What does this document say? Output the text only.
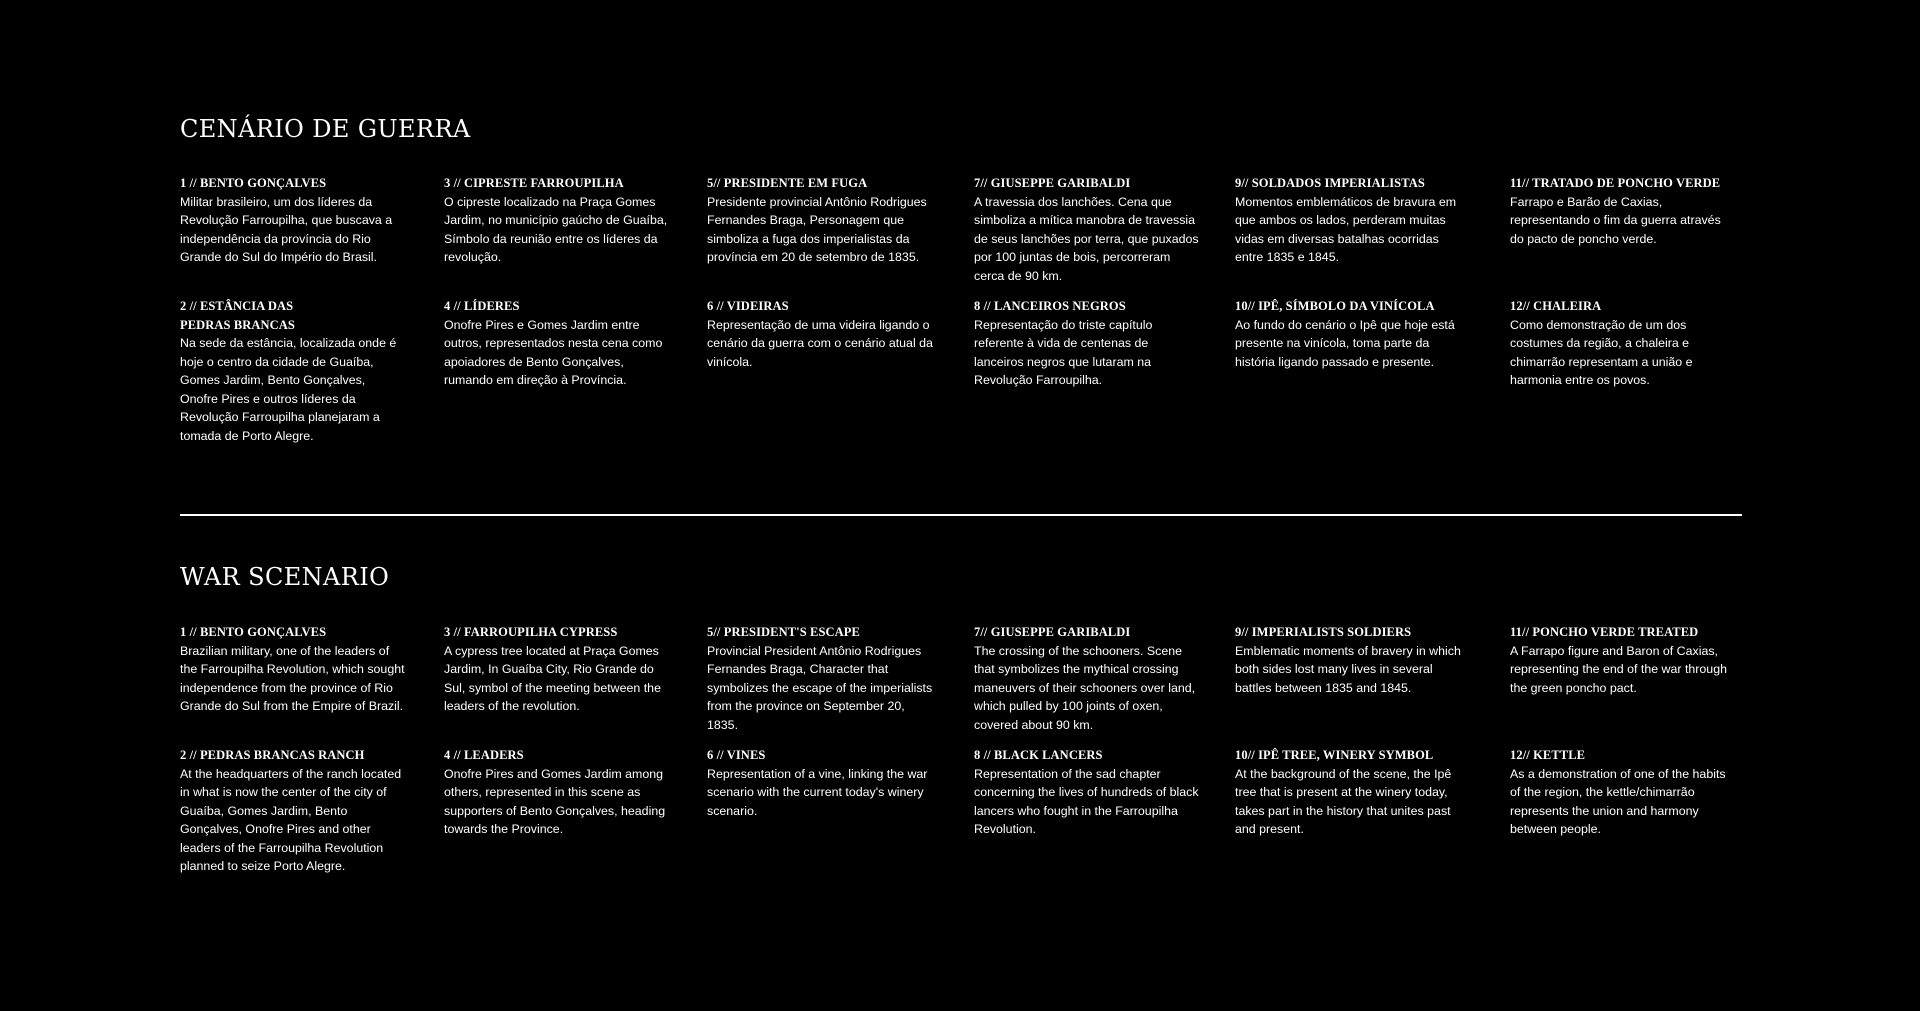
CENÁRIO DE GUERRA
1 // BENTO GONÇALVES
Militar brasileiro, um dos líderes da Revolução Farroupilha, que buscava a independência da província do Rio Grande do Sul do Império do Brasil.
2 // ESTÂNCIA DAS
PEDRAS BRANCAS
Na sede da estância, localizada onde é hoje o centro da cidade de Guaíba, Gomes Jardim, Bento Gonçalves, Onofre Pires e outros líderes da Revolução Farroupilha planejaram a tomada de Porto Alegre.
3 // CIPRESTE FARROUPILHA
O cipreste localizado na Praça Gomes Jardim, no município gaúcho de Guaíba, Símbolo da reunião entre os líderes da revolução.
4 // LÍDERES
Onofre Pires e Gomes Jardim entre outros, representados nesta cena como apoiadores de Bento Gonçalves, rumando em direção à Província.
5// PRESIDENTE EM FUGA
Presidente provincial Antônio Rodrigues Fernandes Braga, Personagem que simboliza a fuga dos imperialistas da província em 20 de setembro de 1835.
6 // VIDEIRAS
Representação de uma videira ligando o cenário da guerra com o cenário atual da vinícola.
7// GIUSEPPE GARIBALDI
A travessia dos lanchões. Cena que simboliza a mítica manobra de travessia de seus lanchões por terra, que puxados por 100 juntas de bois, percorreram cerca de 90 km.
8 // LANCEIROS NEGROS
Representação do triste capítulo referente à vida de centenas de lanceiros negros que lutaram na Revolução Farroupilha.
9// SOLDADOS IMPERIALISTAS
Momentos emblemáticos de bravura em que ambos os lados, perderam muitas vidas em diversas batalhas ocorridas entre 1835 e 1845.
10// IPÊ, SÍMBOLO DA VINÍCOLA
Ao fundo do cenário o Ipê que hoje está presente na vinícola, toma parte da história ligando passado e presente.
11// TRATADO DE PONCHO VERDE
Farrapo e Barão de Caxias, representando o fim da guerra através do pacto de poncho verde.
12// CHALEIRA
Como demonstração de um dos costumes da região, a chaleira e chimarrão representam a união e harmonia entre os povos.
WAR SCENARIO
1 // BENTO GONÇALVES
Brazilian military, one of the leaders of the Farroupilha Revolution, which sought independence from the province of Rio Grande do Sul from the Empire of Brazil.
2 // PEDRAS BRANCAS RANCH
At the headquarters of the ranch located in what is now the center of the city of Guaíba, Gomes Jardim, Bento Gonçalves, Onofre Pires and other leaders of the Farroupilha Revolution planned to seize Porto Alegre.
3 // FARROUPILHA CYPRESS
A cypress tree located at Praça Gomes Jardim, In Guaíba City, Rio Grande do Sul, symbol of the meeting between the leaders of the revolution.
4 // LEADERS
Onofre Pires and Gomes Jardim among others, represented in this scene as supporters of Bento Gonçalves, heading towards the Province.
5// PRESIDENT'S ESCAPE
Provincial President Antônio Rodrigues Fernandes Braga, Character that symbolizes the escape of the imperialists from the province on September 20, 1835.
6 // VINES
Representation of a vine, linking the war scenario with the current today's winery scenario.
7// GIUSEPPE GARIBALDI
The crossing of the schooners. Scene that symbolizes the mythical crossing maneuvers of their schooners over land, which pulled by 100 joints of oxen, covered about 90 km.
8 // BLACK LANCERS
Representation of the sad chapter concerning the lives of hundreds of black lancers who fought in the Farroupilha Revolution.
9// IMPERIALISTS SOLDIERS
Emblematic moments of bravery in which both sides lost many lives in several battles between 1835 and 1845.
10// IPÊ TREE, WINERY SYMBOL
At the background of the scene, the Ipê tree that is present at the winery today, takes part in the history that unites past and present.
11// PONCHO VERDE TREATED
A Farrapo figure and Baron of Caxias, representing the end of the war through the green poncho pact.
12// KETTLE
As a demonstration of one of the habits of the region, the kettle/chimarrão represents the union and harmony between people.
